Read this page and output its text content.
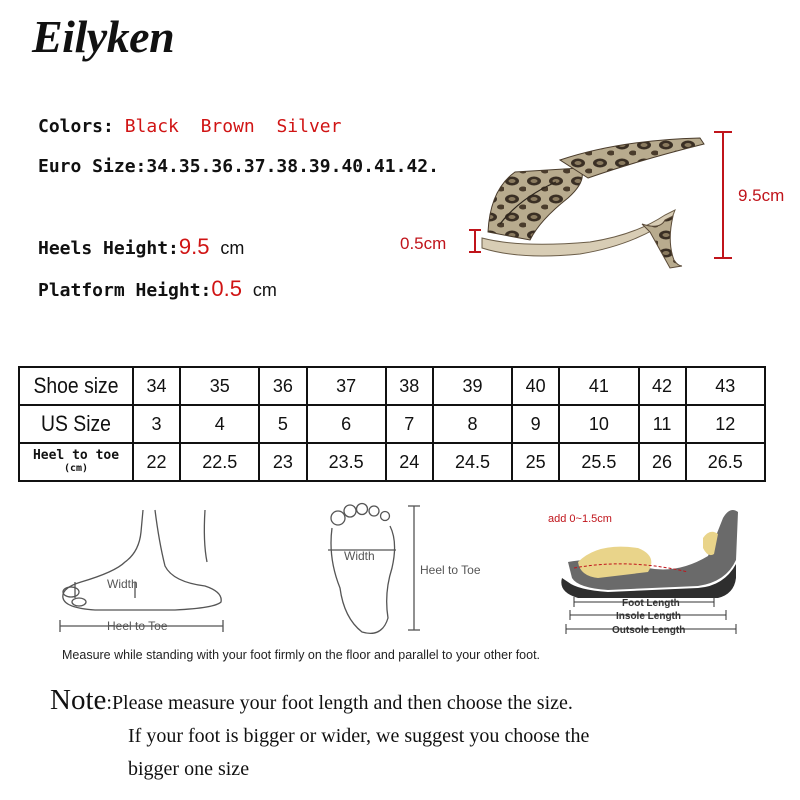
Eilyken
Colors: Black Brown Silver
Euro Size:34.35.36.37.38.39.40.41.42.
Heels Height:9.5 cm
Platform Height:0.5 cm
9.5cm
0.5cm
Shoe size	34	35	36	37	38	39	40	41	42	43
US Size	3	4	5	6	7	8	9	10	11	12

Heel to toe
(cm)	22	22.5	23	23.5	24	24.5	25	25.5	26	26.5
Width
Heel to Toe
Width
Heel to Toe
add 0~1.5cm
Foot Length
Insole Length
Outsole Length
Measure while standing with your foot firmly on the floor and parallel to your other foot.
Note:Please measure your foot length and then choose the size.
If your foot is bigger or wider, we suggest you choose the
bigger one size
